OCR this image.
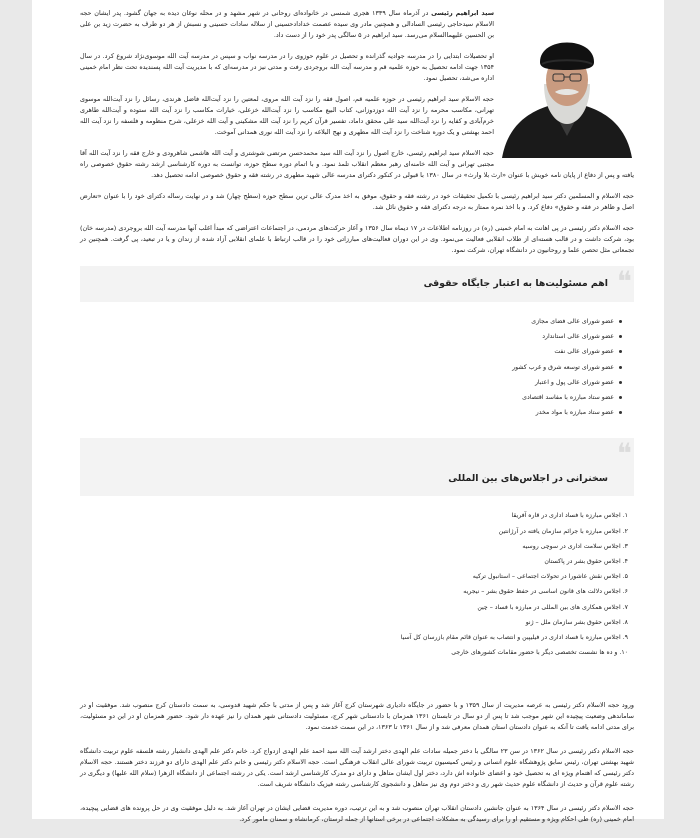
سید ابراهیم رئیسی در آذرماه سال ۱۳۳۹ هجری شمسی در خانواده‌ای روحانی در شهر مشهد و در محله نوغان دیده به جهان گشود. پدر ایشان حجه الاسلام سیدحاجی رئیسی السادالی و همچنین مادر وی سیده عصمت خداداد‌حسینی از سلاله سادات حسینی و نسبش از هر دو طرف به حضرت زید بن علی بن الحسین علیهماالسلام می‌رسد. سید ابراهیم در ۵ سالگی پدر خود را از دست داد.

او تحصیلات ابتدایی را در مدرسه جوادیه گذرانده و تحصیل در علوم حوزوی را در مدرسه نواب و سپس در مدرسه آیت الله موسوی‌نژاد شروع کرد. در سال ۱۳۵۴ جهت ادامه تحصیل به حوزه علمیه قم و مدرسه آیت الله بروجردی رفت و مدتی نیز در مدرسه‌ای که با مدیریت آیت الله پسندیده تحت نظر امام خمینی اداره می‌شد، تحصیل نمود.

حجه الاسلام سید ابراهیم رئیسی در حوزه علمیه قم، اصول فقه را نزد آیت الله مروی، لمعتین را نزد آیت‌الله فاضل هرندی، رسائل را نزد آیت‌الله موسوی تهرانی، مکاسب محرمه را نزد آیت الله دوزدوزانی، کتاب البیع مکاسب را نزد آیت‌الله خزعلی، خیارات مکاسب را نزد آیت الله ستوده و آیت‌الله طاهری خرم‌آبادی و کفایه را نزد آیت‌الله سید علی محقق داماد، تفسیر قرآن کریم را نزد آیت الله مشکینی و آیت الله خزعلی، شرح منظومه و فلسفه را نزد آیت الله احمد بهشتی و یک دوره شناخت را نزد آیت الله مطهری و نهج البلاغه را نزد آیت الله نوری همدانی آموخت.

حجه الاسلام سید ابراهیم رئیسی، خارج اصول را نزد آیت الله سید محمدحسن مرتضی شوشتری و آیت الله هاشمی شاهرودی و خارج فقه را نزد آیت الله آقا مجتبی تهرانی و آیت الله خامنه‌ای رهبر معظم انقلاب تلمذ نمود. و با اتمام دوره سطح حوزه، توانست به دوره کارشناسی ارشد رشته حقوق خصوصی راه یافته و پس از دفاع از پایان نامه خویش با عنوان «ارث بلا وارث» در سال ۱۳۸۰ با قبولی در کنکور دکترای مدرسه عالی شهید مطهری در رشته فقه و حقوق خصوصی ادامه تحصیل دهد.

حجه الاسلام و المسلمین دکتر سید ابراهیم رئیسی با تکمیل تحقیقات خود در رشته فقه و حقوق، موفق به اخذ مدرک عالی ترین سطح حوزه (سطح چهار) شد و در نهایت رساله دکترای خود را با عنوان «تعارض اصل و ظاهر در فقه و حقوق» دفاع کرد. و با اخذ نمره ممتاز به درجه دکترای فقه و حقوق نائل شد.

حجه الاسلام دکتر رئیسی در پی اهانت به امام خمینی (ره) در روزنامه اطلاعات در ۱۷ دیماه سال ۱۳۵۶ و آغاز حرکت‌های مردمی، در اجتماعات اعتراضی که مبدأ اغلب آنها مدرسه آیت الله بروجردی (مدرسه خان) بود، شرکت داشت و در قالب هسته‌ای از طلاب انقلابی فعالیت می‌نمود. وی در این دوران فعالیت‌های مبارزاتی خود را در قالب ارتباط با علمای انقلابی آزاد شده از زندان و یا در تبعید، پی گرفت. همچنین در تجمعاتی مثل تحصن علما و روحانیون در دانشگاه تهران، شرکت نمود.

❝
اهم مسئولیت‌ها به اعتبار جایگاه حقوقی
عضو شورای عالی فضای مجازی
عضو شورای عالی استاندارد
عضو شورای عالی نفت
عضو شورای توسعه شرق و غرب کشور
عضو شورای عالی پول و اعتبار
عضو ستاد مبارزه با مفاسد اقتصادی
عضو ستاد مبارزه با مواد مخدر
❝
سخنرانی در اجلاس‌های بین المللی
۱. اجلاس مبارزه با فساد اداری در قاره آفریقا
۲. اجلاس مبارزه با جرائم سازمان یافته در آرژانتین
۳. اجلاس سلامت اداری در سوچی روسیه
۴. اجلاس حقوق بشر در پاکستان
۵. اجلاس نقش عاشورا در تحولات اجتماعی – استانبول ترکیه
۶. اجلاس دلالت های قانون اساسی در حفظ حقوق بشر – نیجریه
۷. اجلاس همکاری های بین المللی در مبارزه با فساد – چین
۸. اجلاس حقوق بشر سازمان ملل – ژنو
۹. اجلاس مبارزه با فساد اداری در فیلیپین و انتصاب به عنوان قائم مقام بازرسان کل آسیا
۱۰. و ده ها نشست تخصصی دیگر با حضور مقامات کشورهای خارجی

ورود حجه الاسلام دکتر رئیسی به عرصه مدیریت از سال ۱۳۵۹ و با حضور در جایگاه دادیاری شهرستان کرج آغاز شد و پس از مدتی با حکم شهید قدوسی، به سمت دادستان کرج منصوب شد. موفقیت او در ساماندهی وضعیت پیچیده این شهر موجب شد تا پس از دو سال در تابستان ۱۳۶۱ همزمان با دادستانی شهر کرج، مسئولیت دادستانی شهر همدان را نیز عهده دار شود. حضور همزمان او در این دو مسئولیت، برای مدتی ادامه یافت تا آنکه به عنوان دادستان استان همدان معرفی شد و از سال ۱۳۶۱ تا ۱۳۶۳، در این سمت خدمت نمود.

حجه الاسلام دکتر رئیسی در سال ۱۳۶۲ در سن ۲۳ سالگی با دختر جمیله سادات علم الهدی دختر ارشد آیت الله سید احمد علم الهدی ازدواج کرد. خانم دکتر علم الهدی دانشیار رشته فلسفه علوم تربیت دانشگاه شهید بهشتی تهران، رئیس سابق پژوهشگاه علوم انسانی و رئیس کمیسیون تربیت شورای عالی انقلاب فرهنگی است. حجه الاسلام دکتر رئیسی و خانم دکتر علم الهدی دارای دو فرزند دختر هستند. حجه الاسلام دکتر رئیسی که اهتمام ویژه ای به تحصیل خود و اعضای خانواده اش دارد، دختر اول ایشان متاهل و دارای دو مدرک کارشناسی ارشد است. یکی در رشته اجتماعی از دانشگاه الزهرا (سلام الله علیها) و دیگری در رشته علوم قرآن و حدیث از دانشگاه علوم حدیث شهر ری و دختر دوم وی نیز متاهل و دانشجوی کارشناسی رشته فیزیک دانشگاه شریف است.

حجه الاسلام دکتر رئیسی در سال ۱۳۶۴ به عنوان جانشین دادستان انقلاب تهران منصوب شد و به این ترتیب، دوره مدیریت قضایی ایشان در تهران آغاز شد. به دلیل موفقیت وی در حل پرونده های قضایی پیچیده، امام خمینی (ره) طی احکام ویژه و مستقیم او را برای رسیدگی به مشکلات اجتماعی در برخی استانها از جمله لرستان، کرمانشاه و سمنان مامور کرد.
